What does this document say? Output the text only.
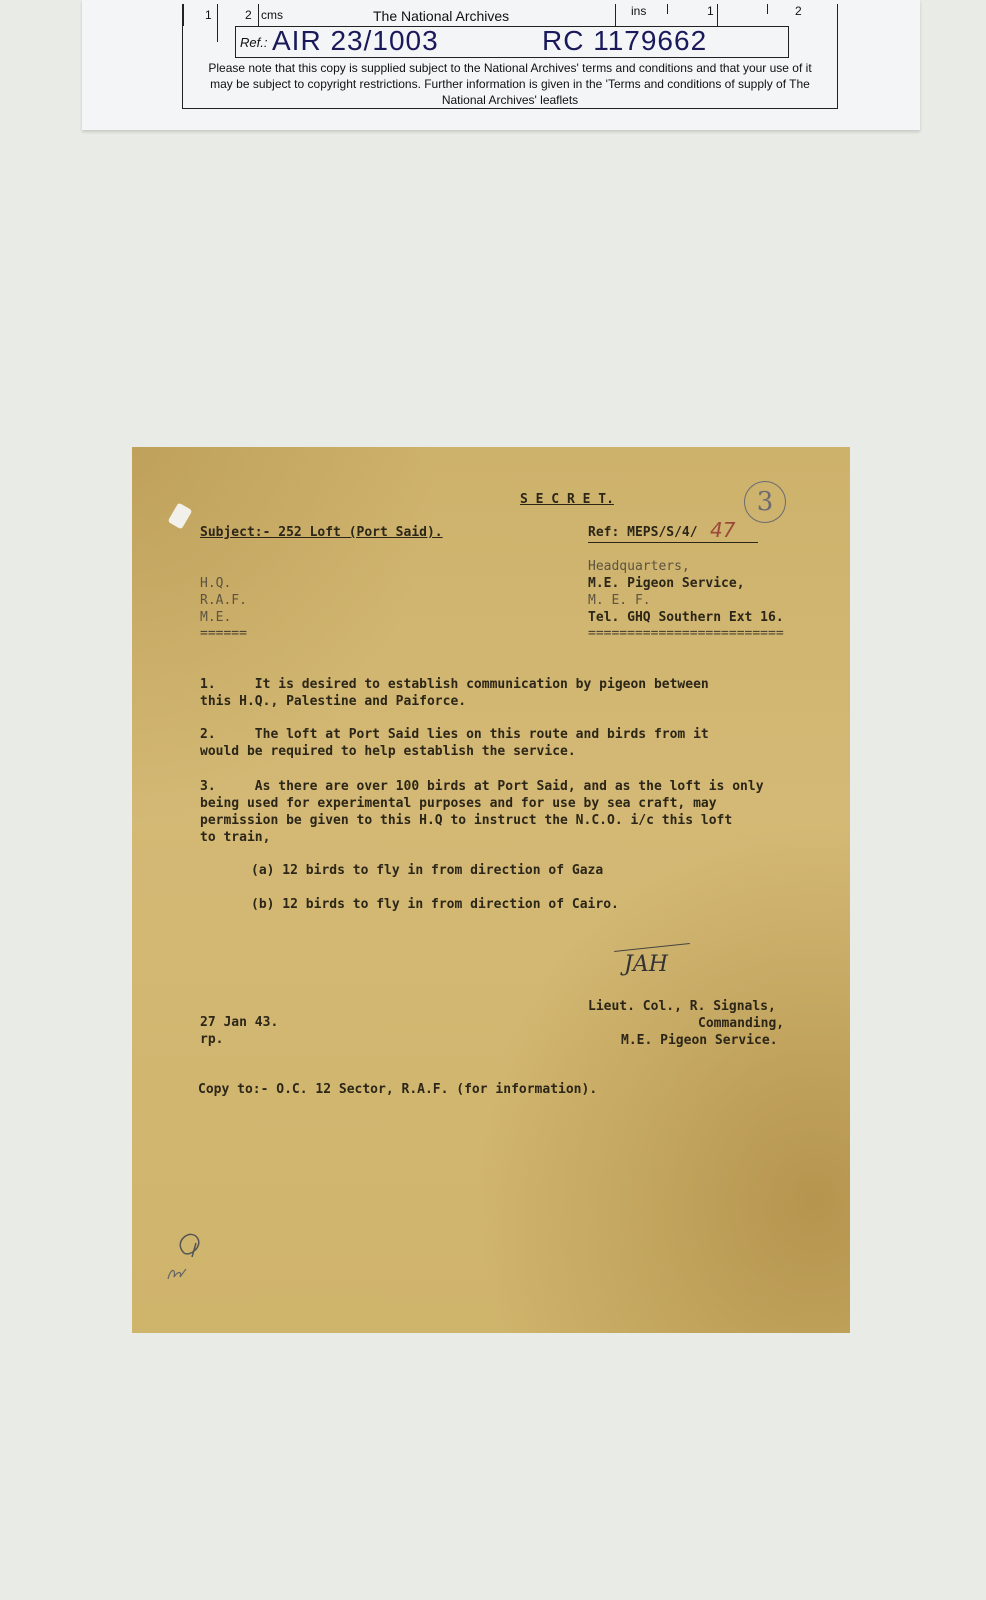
1	2 cms	The National Archives	ins	1	2
Ref.: AIR 23/1003	RC 1179662
Please note that this copy is supplied subject to the National Archives' terms and conditions and that your use of it may be subject to copyright restrictions. Further information is given in the 'Terms and conditions of supply of The National Archives' leaflets
S E C R E T.	3
Subject:- 252 Loft (Port Said).	Ref: MEPS/S/4/ 47
H.Q.
R.A.F.
M.E.
======
Headquarters,
M.E. Pigeon Service,
M. E. F.
Tel. GHQ Southern Ext 16.
=========================
1.     It is desired to establish communication by pigeon between
this H.Q., Palestine and Paiforce.
2.     The loft at Port Said lies on this route and birds from it
would be required to help establish the service.
3.     As there are over 100 birds at Port Said, and as the loft is only
being used for experimental purposes and for use by sea craft, may
permission be given to this H.Q to instruct the N.C.O. i/c this loft
to train,
(a) 12 birds to fly in from direction of Gaza
(b) 12 birds to fly in from direction of Cairo.
JAH
Lieut. Col., R. Signals,
Commanding,
M.E. Pigeon Service.
27 Jan 43.
rp.
Copy to:- O.C. 12 Sector, R.A.F. (for information).
